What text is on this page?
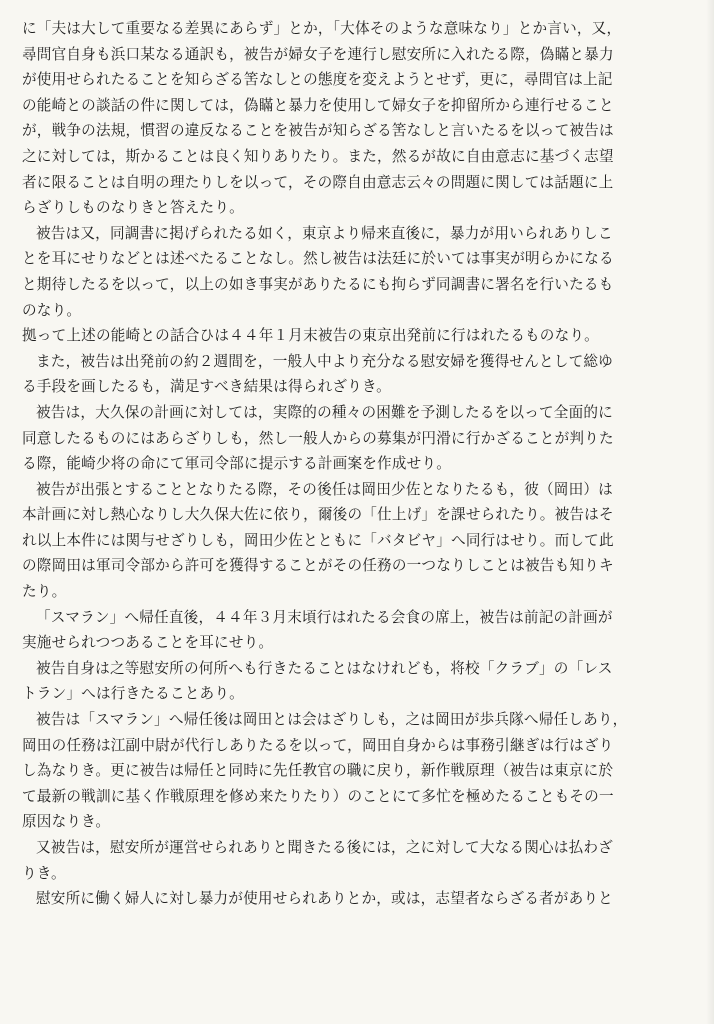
に「夫は大して重要なる差異にあらず」とか，「大体そのような意味なり」とか言い，又，
尋問官自身も浜口某なる通訳も，被告が婦女子を連行し慰安所に入れたる際，偽瞞と暴力
が使用せられたることを知らざる筈なしとの態度を変えようとせず，更に，尋問官は上記
の能崎との談話の件に関しては，偽瞞と暴力を使用して婦女子を抑留所から連行せること
が，戦争の法規，慣習の違反なることを被告が知らざる筈なしと言いたるを以って被告は
之に対しては，斯かることは良く知りありたり。また，然るが故に自由意志に基づく志望
者に限ることは自明の理たりしを以って，その際自由意志云々の問題に関しては話題に上
らざりしものなりきと答えたり。
被告は又，同調書に掲げられたる如く，東京より帰来直後に，暴力が用いられありしこ
とを耳にせりなどとは述べたることなし。然し被告は法廷に於いては事実が明らかになる
と期待したるを以って，以上の如き事実がありたるにも拘らず同調書に署名を行いたるも
のなり。
拠って上述の能崎との話合ひは４４年１月末被告の東京出発前に行はれたるものなり。
また，被告は出発前の約２週間を，一般人中より充分なる慰安婦を獲得せんとして総ゆ
る手段を画したるも，満足すべき結果は得られざりき。
被告は，大久保の計画に対しては，実際的の種々の困難を予測したるを以って全面的に
同意したるものにはあらざりしも，然し一般人からの募集が円滑に行かざることが判りた
る際，能崎少将の命にて軍司令部に提示する計画案を作成せり。
被告が出張とすることとなりたる際，その後任は岡田少佐となりたるも，彼（岡田）は
本計画に対し熱心なりし大久保大佐に依り，爾後の「仕上げ」を課せられたり。被告はそ
れ以上本件には関与せざりしも，岡田少佐とともに「バタビヤ」へ同行はせり。而して此
の際岡田は軍司令部から許可を獲得することがその任務の一つなりしことは被告も知りキ
たり。
「スマラン」へ帰任直後，４４年３月末頃行はれたる会食の席上，被告は前記の計画が
実施せられつつあることを耳にせり。
被告自身は之等慰安所の何所へも行きたることはなけれども，将校「クラブ」の「レス
トラン」へは行きたることあり。
被告は「スマラン」へ帰任後は岡田とは会はざりしも，之は岡田が歩兵隊へ帰任しあり，
岡田の任務は江副中尉が代行しありたるを以って，岡田自身からは事務引継ぎは行はざり
し為なりき。更に被告は帰任と同時に先任教官の職に戻り，新作戦原理（被告は東京に於
て最新の戦訓に基く作戦原理を修め来たりたり）のことにて多忙を極めたることもその一
原因なりき。
又被告は，慰安所が運営せられありと聞きたる後には，之に対して大なる関心は払わざ
りき。
慰安所に働く婦人に対し暴力が使用せられありとか，或は，志望者ならざる者がありと
